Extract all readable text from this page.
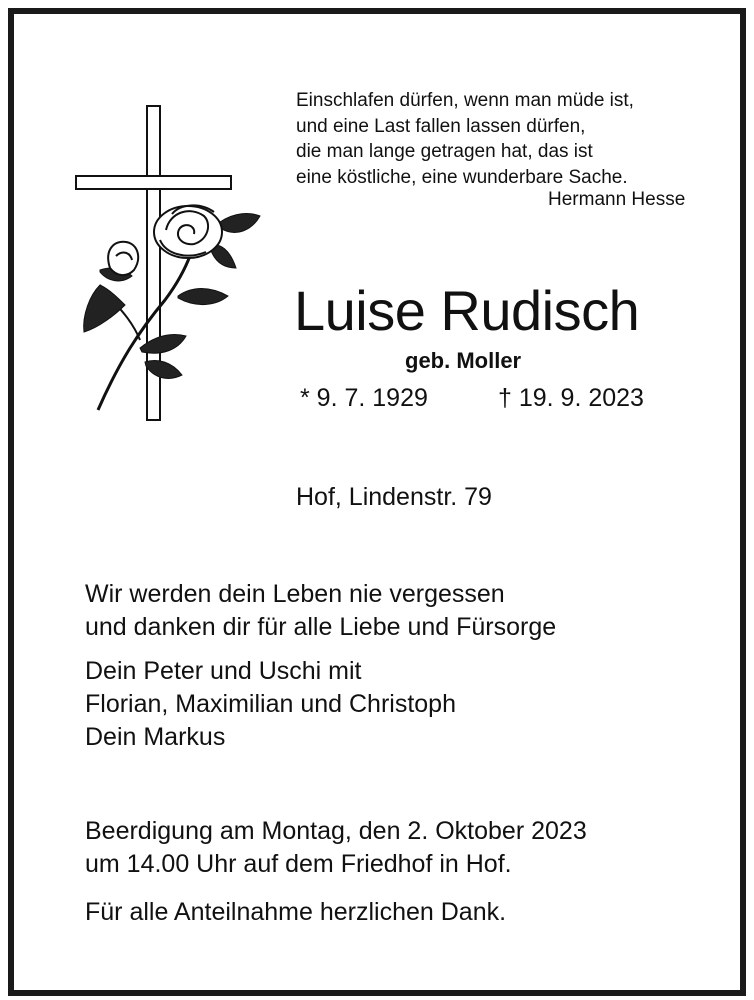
Einschlafen dürfen, wenn man müde ist,
und eine Last fallen lassen dürfen,
die man lange getragen hat, das ist
eine köstliche, eine wunderbare Sache.
Hermann Hesse
Luise Rudisch
geb. Moller
* 9. 7. 1929	† 19. 9. 2023
Hof, Lindenstr. 79
Wir werden dein Leben nie vergessen
und danken dir für alle Liebe und Fürsorge
Dein Peter und Uschi mit
Florian, Maximilian und Christoph
Dein Markus
Beerdigung am Montag, den 2. Oktober 2023
um 14.00 Uhr auf dem Friedhof in Hof.
Für alle Anteilnahme herzlichen Dank.
